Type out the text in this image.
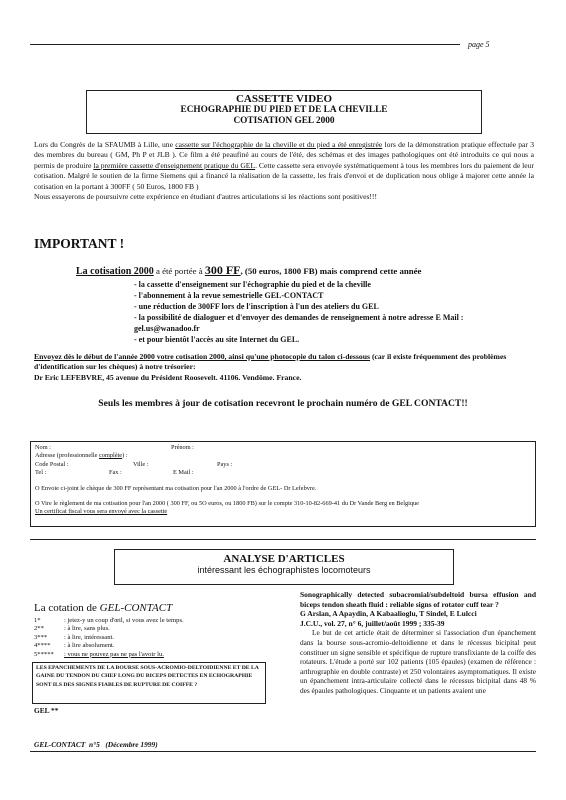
page 5
CASSETTE VIDEO
ECHOGRAPHIE DU PIED ET DE LA CHEVILLE
COTISATION GEL 2000

Lors du Congrès de la SFAUMB à Lille, une cassette sur l'échographie de la cheville et du pied a été enregistrée lors de la démonstration pratique effectuée par 3 des membres du bureau ( GM, Ph P et JLB ). Ce film a été peaufiné au cours de l'été, des schémas et des images pathologiques ont été introduits ce qui nous a permis de produire la première cassette d'enseignement pratique du GEL. Cette cassette sera envoyée systématiquement à tous les membres lors du paiement de leur cotisation. Malgré le soutien de la firme Siemens qui a financé la réalisation de la cassette, les frais d'envoi et de duplication nous oblige à majorer cette année la cotisation en la portant à 300FF ( 50 Euros, 1800 FB )

Nous essayerons de poursuivre cette expérience en étudiant d'autres articulations si les réactions sont positives!!!

IMPORTANT !
La cotisation 2000 a été portée à 300 FF, (50 euros, 1800 FB) mais comprend cette année
- la cassette d'enseignement sur l'échographie du pied et de la cheville
- l'abonnement à la revue semestrielle GEL-CONTACT
- une réduction de 300FF lors de l'inscription à l'un des ateliers du GEL
- la possibilité de dialoguer et d'envoyer des demandes de renseignement à notre adresse E Mail : gel.us@wanadoo.fr
- et pour bientôt l'accès au site Internet du GEL.
Envoyez dès le début de l'année 2000 votre cotisation 2000, ainsi qu'une photocopie du talon ci-dessous (car il existe fréquemment des problèmes d'identification sur les chèques) à notre trésorier:
Dr Eric LEFEBVRE, 45 avenue du Président Roosevelt. 41106. Vendôme. France.
Seuls les membres à jour de cotisation recevront le prochain numéro de GEL CONTACT!!
Nom :	Prénom :
Adresse (professionnelle complète) :
Code Postal :	Ville :	Pays :
Tel :	Fax :	E Mail :
O Envoie ci-joint le chèque de 300 FF représentant ma cotisation pour l'an 2000 à l'ordre de GEL- Dr Lefebvre.
O Vire le règlement de ma cotisation pour l'an 2000 ( 300 FF, ou 5O euros, ou 1800 FB) sur le compte 310-10-82-669-41 du Dr Vande Berg en Belgique
Un certificat fiscal vous sera envoyé avec la cassette
ANALYSE D'ARTICLES
intéressant les échographistes locomoteurs
La cotation de GEL-CONTACT
1*	: jetez-y un coup d'œil, si vous avez le temps.
2**	: à lire, sans plus.
3***	: à lire, intéressant.
4**** : à lire absolument.
5***** : vous ne pouvez pas ne pas l'avoir lu.
LES EPANCHEMENTS DE LA BOURSE SOUS-ACROMIO-DELTOIDIENNE ET DE LA GAINE DU TENDON DU CHEF LONG DU BICEPS DETECTES EN ECHOGRAPHIE SONT ILS DES SIGNES FIABLES DE RUPTURE DE COIFFE ?
GEL **

Sonographically detected subacromial/subdeltoid bursa effusion and biceps tendon sheath fluid : reliable signs of rotator cuff tear ?

G Arslan, A Apaydin, A Kabaalioglu, T Sindel, E Lulcci

J.C.U., vol. 27, n° 6, juillet/août 1999 ; 335-39

Le but de cet article était de déterminer si l'association d'un épanchement dans la bourse sous-acromio-deltoidienne et dans le récessus bicipital peut constituer un signe sensible et spécifique de rupture transfixiante de la coiffe des rotateurs. L'étude a porté sur 102 patients (105 épaules) (examen de référence : arthrographie en double contraste) et 250 volontaires asymptomatiques. Il existe un épanchement intra-articulaire collecté dans le récessus bicipital dans 48 % des épaules pathologiques. Cinquante et un patients avaient une

GEL-CONTACT  n°5   (Décembre 1999)
